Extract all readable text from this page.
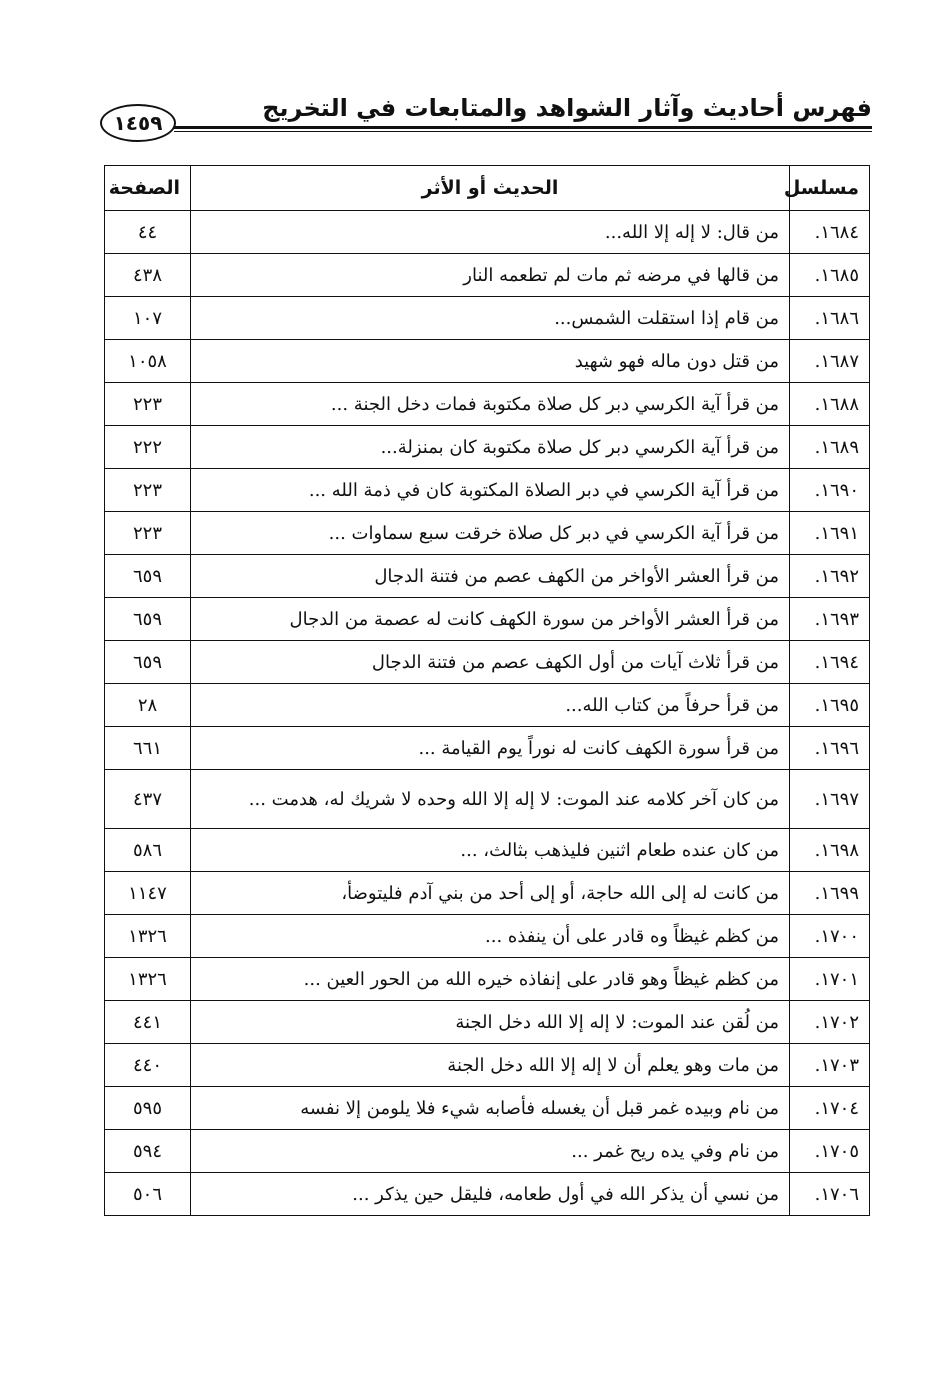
١٤٥٩
فهرس أحاديث وآثار الشواهد والمتابعات في التخريج
مسلسل	الحديث أو الأثر	الصفحة
١٦٨٤.	من قال: لا إله إلا الله...	٤٤
١٦٨٥.	من قالها في مرضه ثم مات لم تطعمه النار	٤٣٨
١٦٨٦.	من قام إذا استقلت الشمس...	١٠٧
١٦٨٧.	من قتل دون ماله فهو شهيد	١٠٥٨
١٦٨٨.	من قرأ آية الكرسي دبر كل صلاة مكتوبة فمات دخل الجنة ...	٢٢٣
١٦٨٩.	من قرأ آية الكرسي دبر كل صلاة مكتوبة كان بمنزلة...	٢٢٢
١٦٩٠.	من قرأ آية الكرسي في دبر الصلاة المكتوبة كان في ذمة الله ...	٢٢٣
١٦٩١.	من قرأ آية الكرسي في دبر كل صلاة خرقت سبع سماوات ...	٢٢٣
١٦٩٢.	من قرأ العشر الأواخر من الكهف عصم من فتنة الدجال	٦٥٩
١٦٩٣.	من قرأ العشر الأواخر من سورة الكهف كانت له عصمة من الدجال	٦٥٩
١٦٩٤.	من قرأ ثلاث آيات من أول الكهف عصم من فتنة الدجال	٦٥٩
١٦٩٥.	من قرأ حرفاً من كتاب الله...	٢٨
١٦٩٦.	من قرأ سورة الكهف كانت له نوراً يوم القيامة ...	٦٦١
١٦٩٧.	من كان آخر كلامه عند الموت: لا إله إلا الله وحده لا شريك له، هدمت ...	٤٣٧
١٦٩٨.	من كان عنده طعام اثنين فليذهب بثالث، ...	٥٨٦
١٦٩٩.	من كانت له إلى الله حاجة، أو إلى أحد من بني آدم فليتوضأ،	١١٤٧
١٧٠٠.	من كظم غيظاً وه قادر على أن ينفذه ...	١٣٢٦
١٧٠١.	من كظم غيظاً وهو قادر على إنفاذه خيره الله من الحور العين ...	١٣٢٦
١٧٠٢.	من لُقن عند الموت: لا إله إلا الله دخل الجنة	٤٤١
١٧٠٣.	من مات وهو يعلم أن لا إله إلا الله دخل الجنة	٤٤٠
١٧٠٤.	من نام وبيده غمر قبل أن يغسله فأصابه شيء فلا يلومن إلا نفسه	٥٩٥
١٧٠٥.	من نام وفي يده ريح غمر ...	٥٩٤
١٧٠٦.	من نسي أن يذكر الله في أول طعامه، فليقل حين يذكر ...	٥٠٦
